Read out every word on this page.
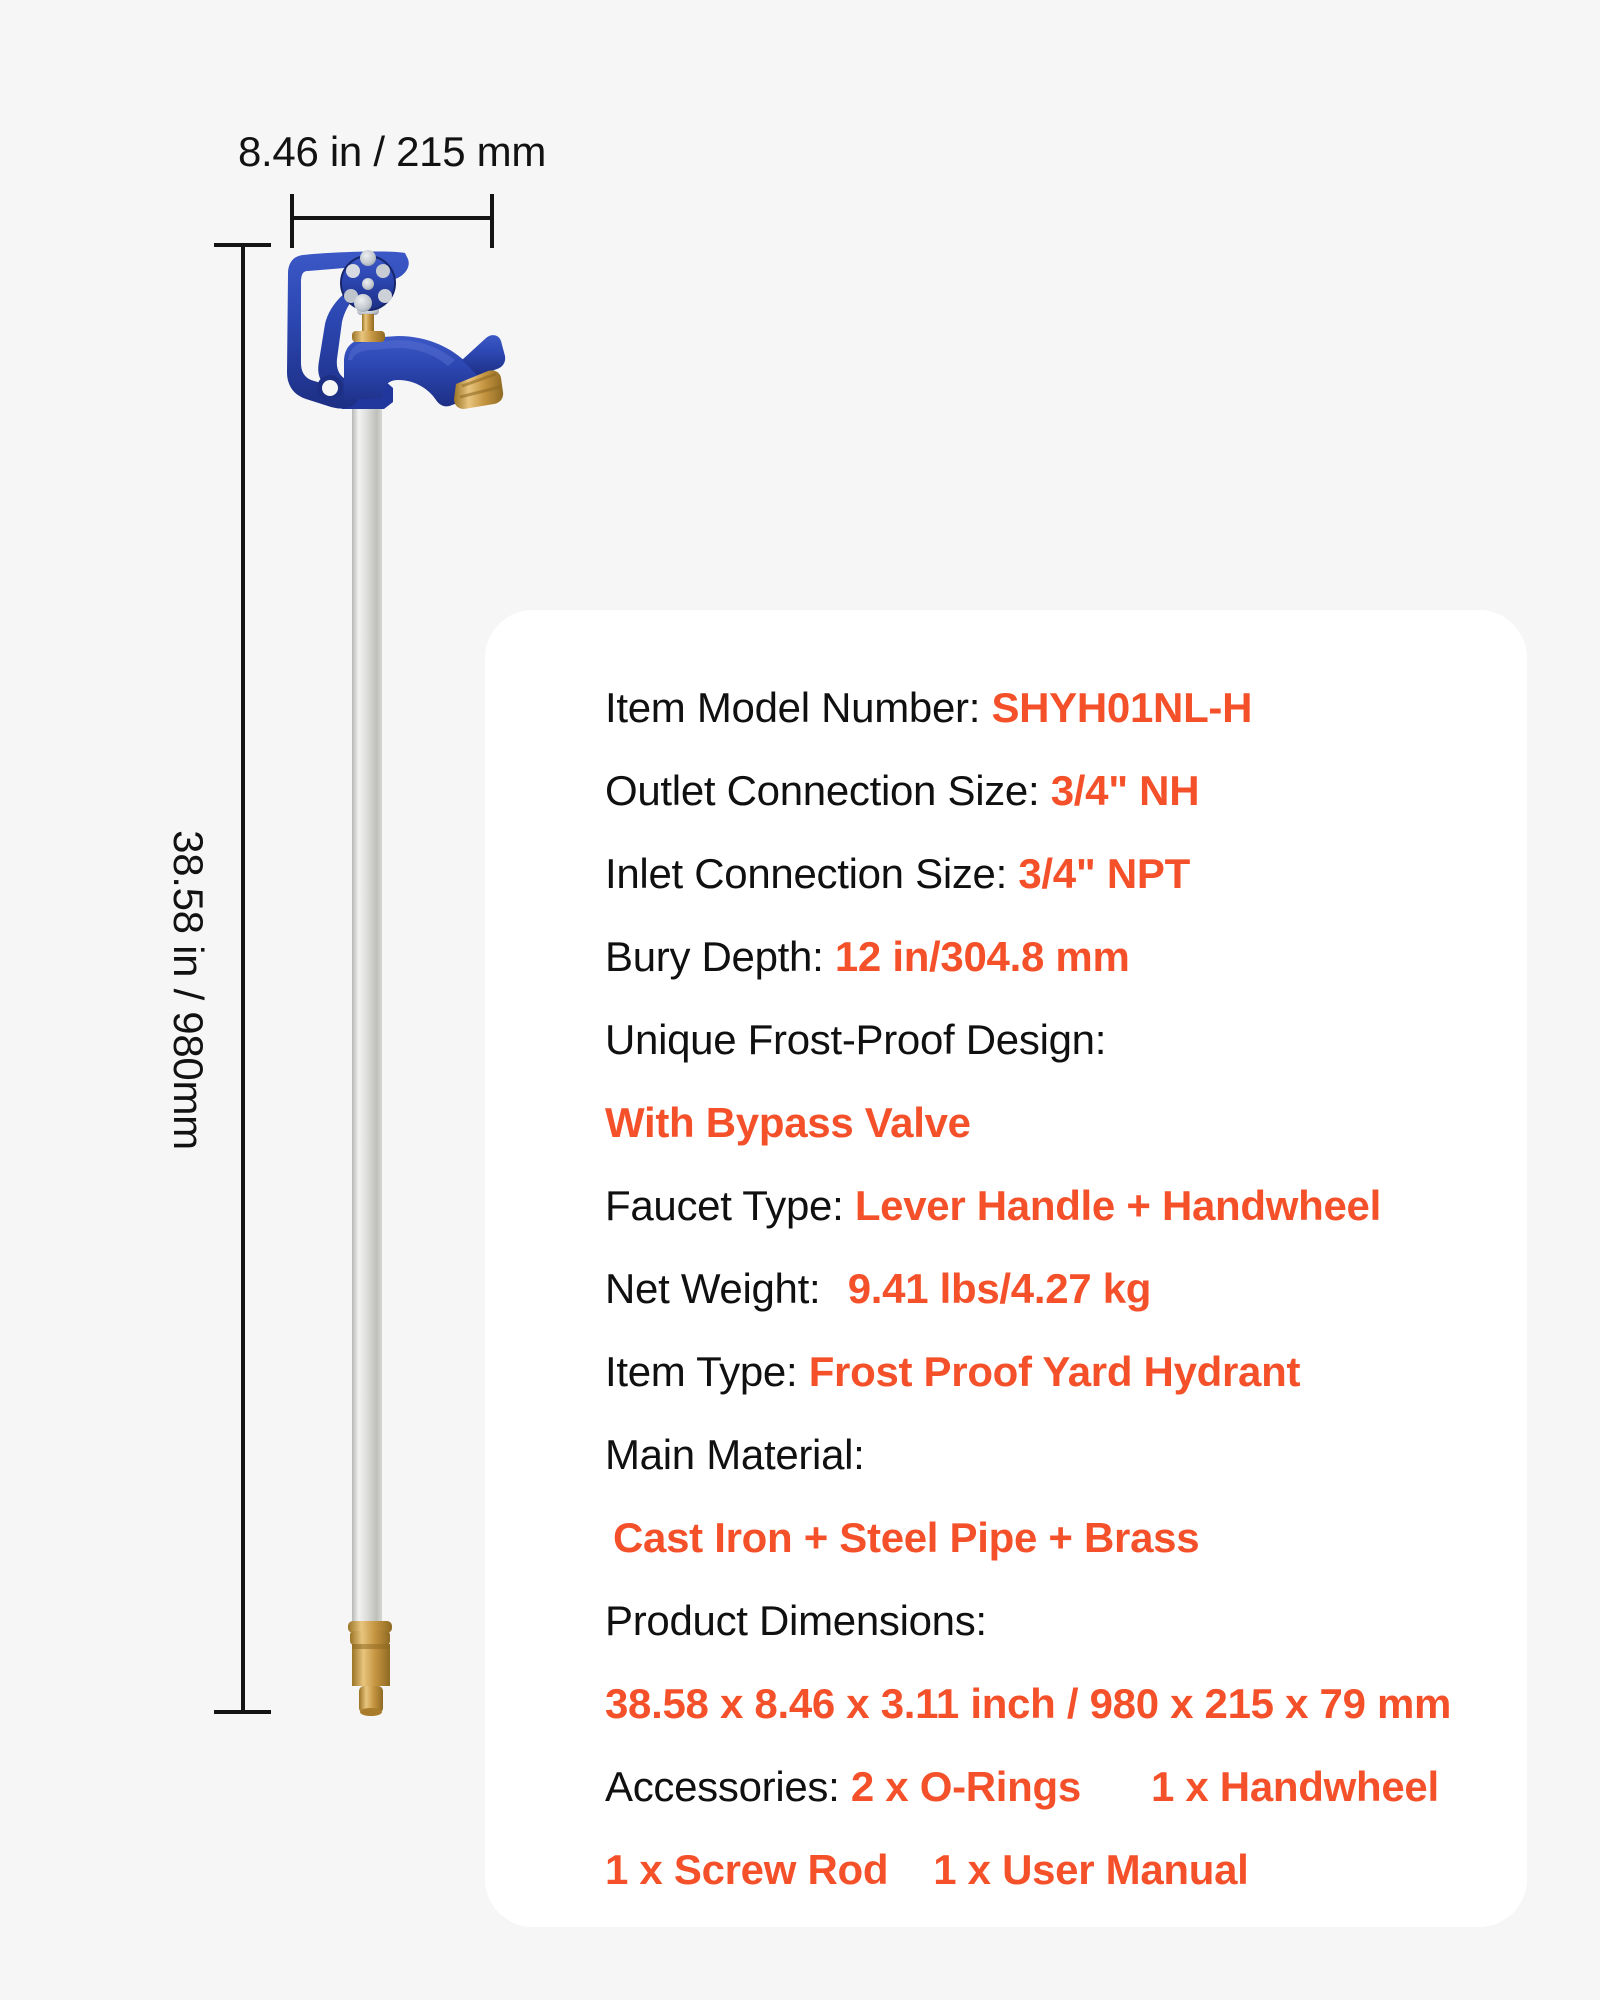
8.46 in / 215 mm
38.58 in / 980mm
Item Model Number: SHYH01NL-H
Outlet Connection Size: 3/4" NH
Inlet Connection Size: 3/4" NPT
Bury Depth: 12 in/304.8 mm
Unique Frost-Proof Design:
With Bypass Valve
Faucet Type: Lever Handle + Handwheel
Net Weight: 9.41 lbs/4.27 kg
Item Type: Frost Proof Yard Hydrant
Main Material:
Cast Iron + Steel Pipe + Brass
Product Dimensions:
38.58 x 8.46 x 3.11 inch / 980 x 215 x 79 mm
Accessories: 2 x O-Rings 1 x Handwheel
1 x Screw Rod 1 x User Manual
